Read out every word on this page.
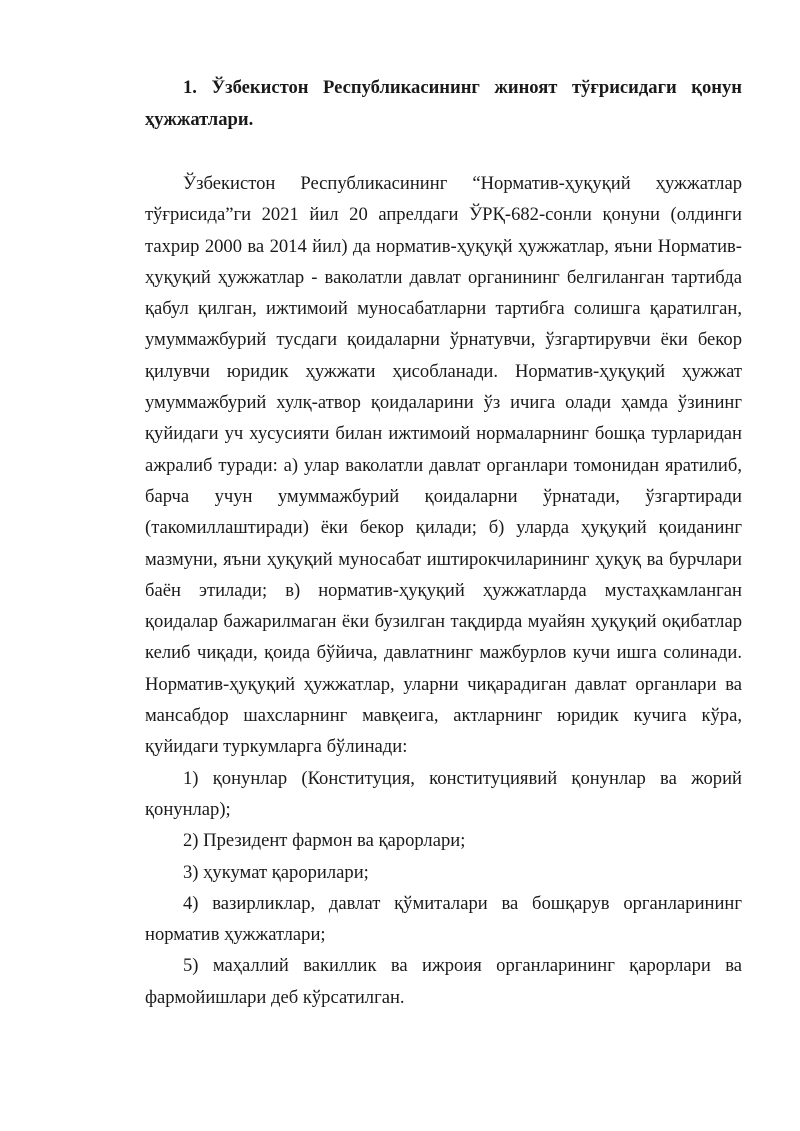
1. Ўзбекистон Республикасининг жиноят тўғрисидаги қонун ҳужжатлари.

Ўзбекистон Республикасининг “Норматив-ҳуқуқий ҳужжатлар тўғрисида”ги 2021 йил 20 апрелдаги ЎРҚ-682-сонли қонуни (олдинги тахрир 2000 ва 2014 йил) да норматив-ҳуқуқй ҳужжатлар, яъни Норматив-ҳуқуқий ҳужжатлар - ваколатли давлат органининг белгиланган тартибда қабул қилган, ижтимоий муносабатларни тартибга солишга қаратилган, умуммажбурий тусдаги қоидаларни ўрнатувчи, ўзгартирувчи ёки бекор қилувчи юридик ҳужжати ҳисобланади. Норматив-ҳуқуқий ҳужжат умуммажбурий хулқ-атвор қоидаларини ўз ичига олади ҳамда ўзининг қуйидаги уч хусусияти билан ижтимоий нормаларнинг бошқа турларидан ажралиб туради: а) улар ваколатли давлат органлари томонидан яратилиб, барча учун умуммажбурий қоидаларни ўрнатади, ўзгартиради (такомиллаштиради) ёки бекор қилади; б) уларда ҳуқуқий қоиданинг мазмуни, яъни ҳуқуқий муносабат иштирокчиларининг ҳуқуқ ва бурчлари баён этилади; в) норматив-ҳуқуқий ҳужжатларда мустаҳкамланган қоидалар бажарилмаган ёки бузилган тақдирда муайян ҳуқуқий оқибатлар келиб чиқади, қоида бўйича, давлатнинг мажбурлов кучи ишга солинади. Норматив-ҳуқуқий ҳужжатлар, уларни чиқарадиган давлат органлари ва мансабдор шахсларнинг мавқеига, актларнинг юридик кучига кўра, қуйидаги туркумларга бўлинади:

1) қонунлар (Конституция, конституциявий қонунлар ва жорий қонунлар);

2) Президент фармон ва қарорлари;

3) ҳукумат қарорилари;

4) вазирликлар, давлат қўмиталари ва бошқарув органларининг норматив ҳужжатлари;

5) маҳаллий вакиллик ва ижроия органларининг қарорлари ва фармойишлари деб кўрсатилган.
